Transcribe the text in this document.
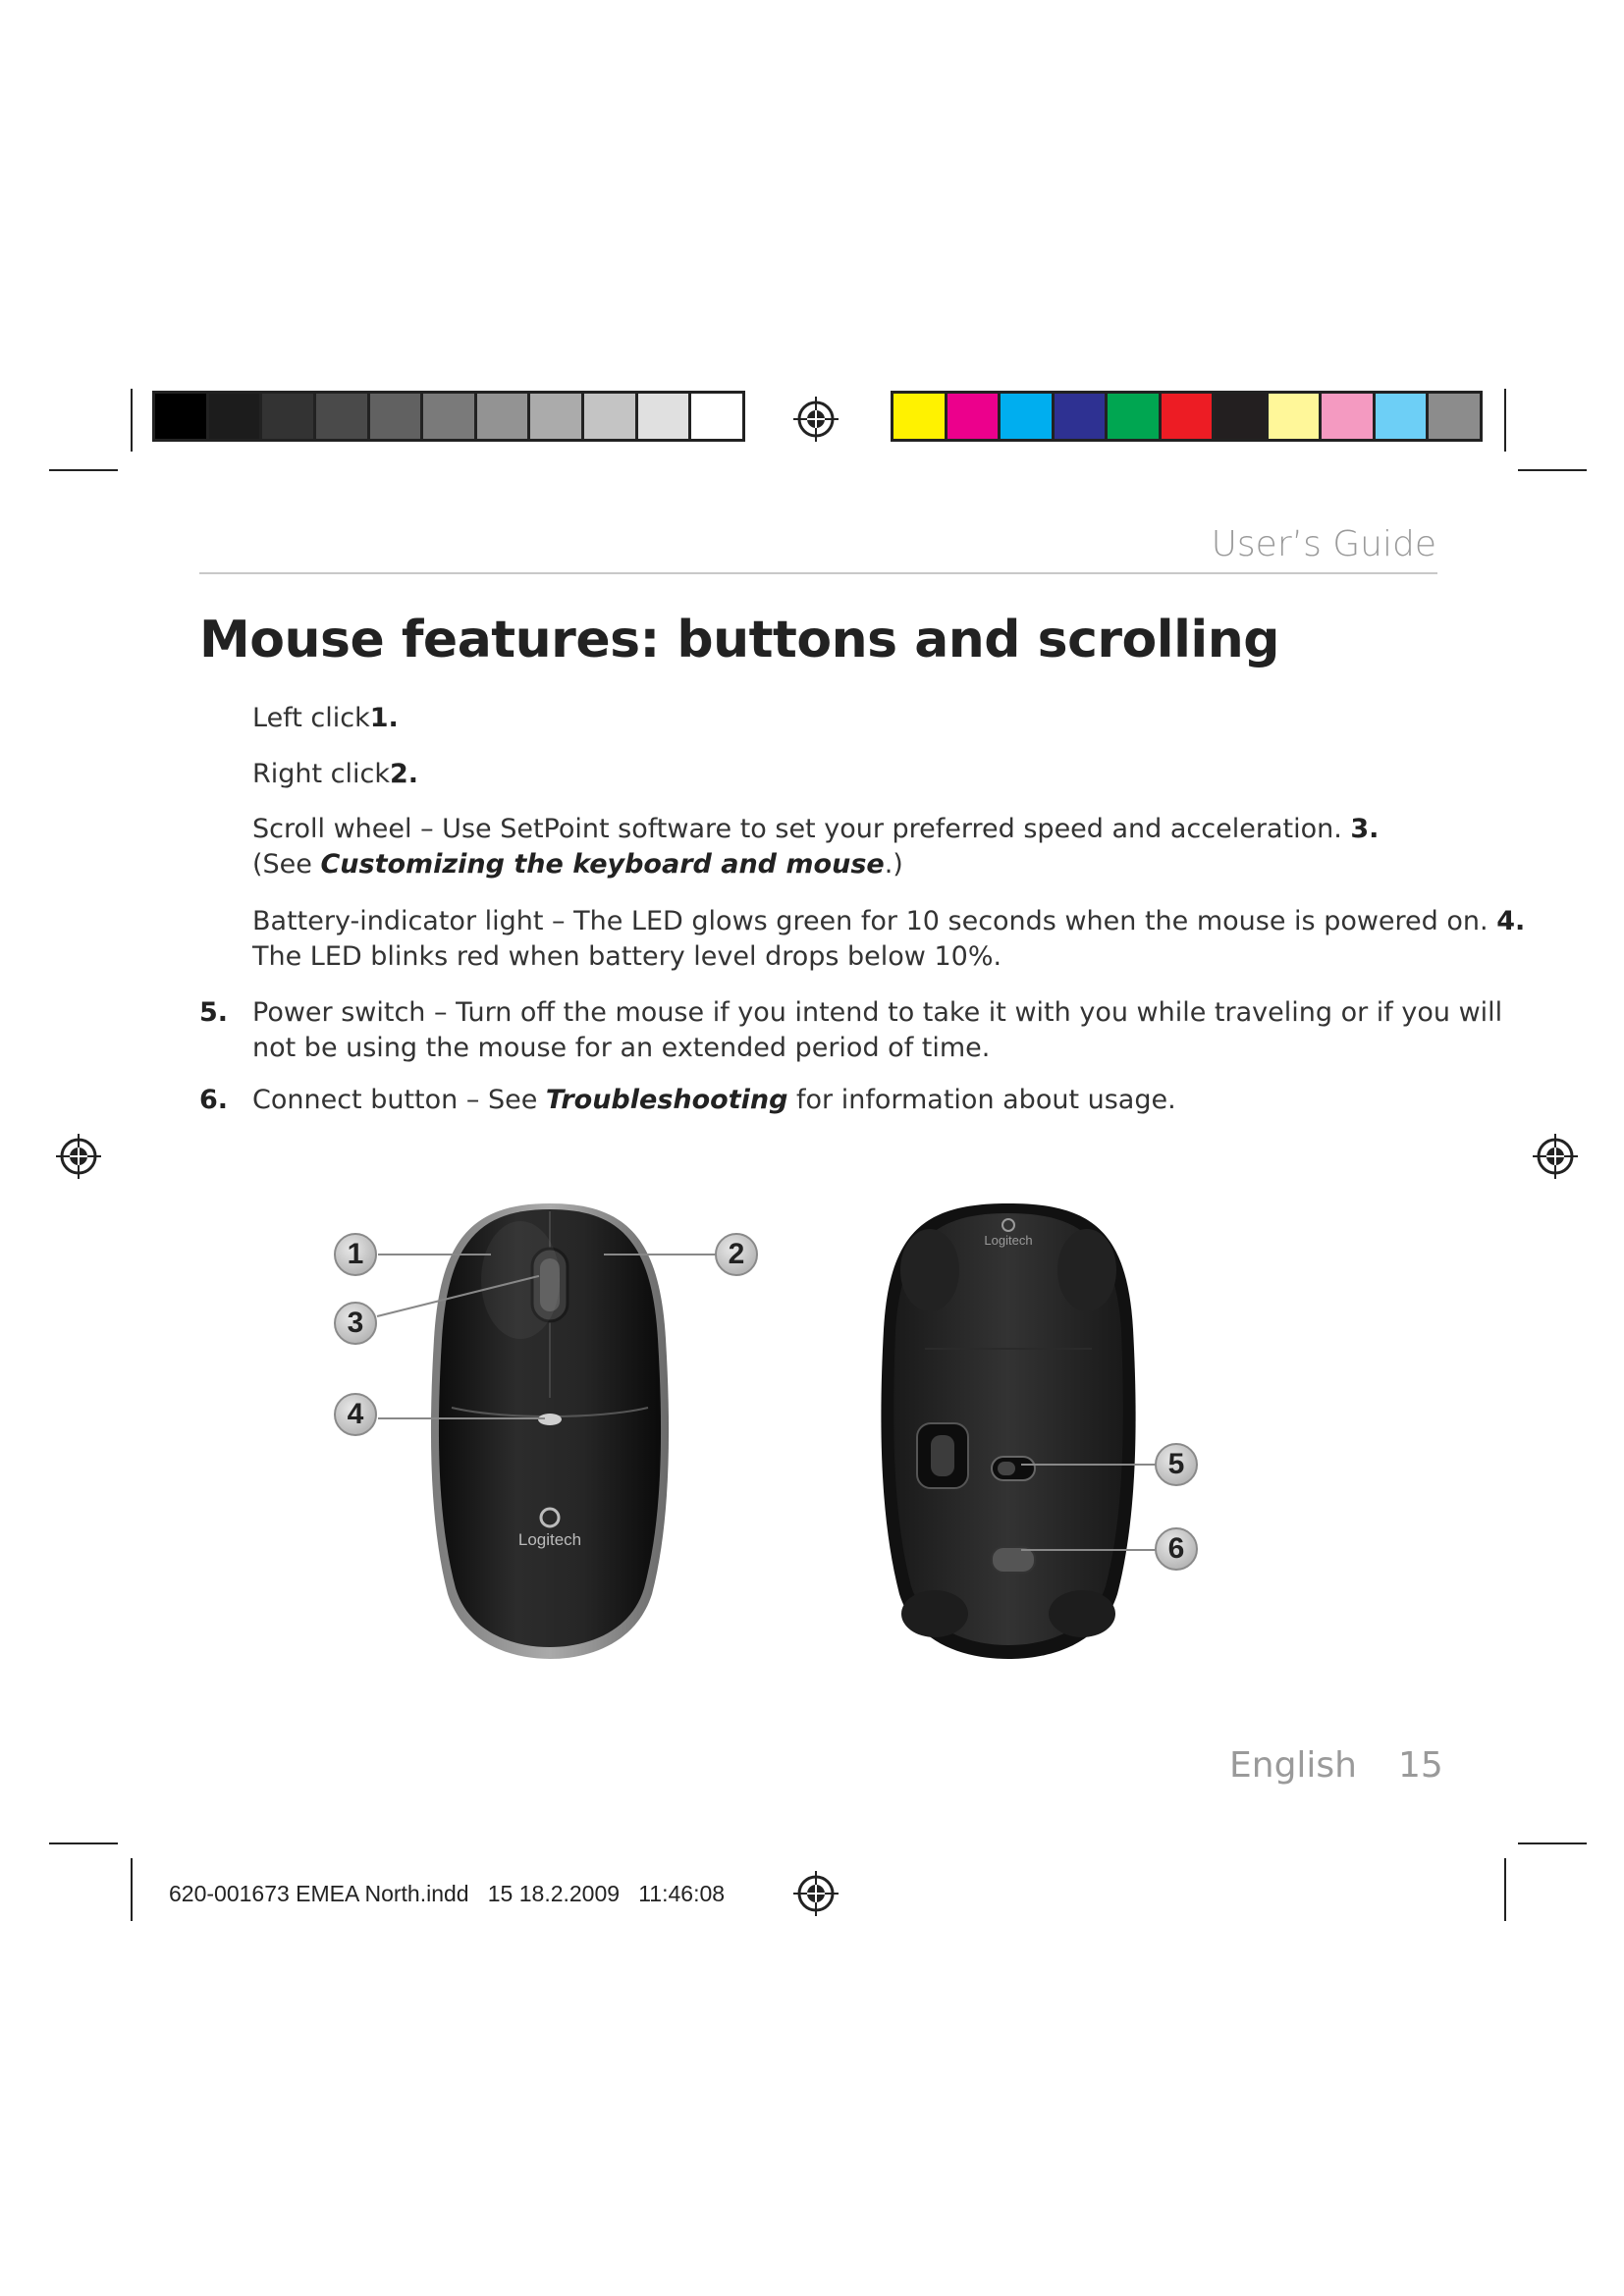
User’s Guide
Mouse features: buttons and scrolling
Left click1.
Right click2.
Scroll wheel – Use SetPoint software to set your preferred speed and acceleration. 3.
(See Customizing the keyboard and mouse.)
Battery-indicator light – The LED glows green for 10 seconds when the mouse is powered on. 4.
The LED blinks red when battery level drops below 10%.
5. Power switch – Turn off the mouse if you intend to take it with you while traveling or if you will
not be using the mouse for an extended period of time.
6. Connect button – See Troubleshooting for information about usage.
Logitech
Logitech
1	2
3
4
5
6
English 15
620-001673 EMEA North.indd   15 18.2.2009   11:46:08
